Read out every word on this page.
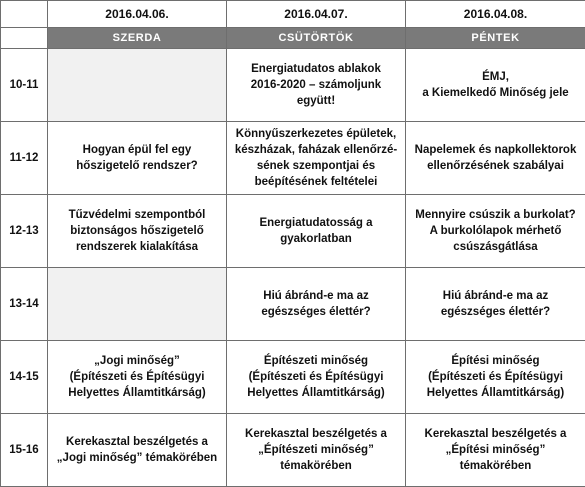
	2016.04.06.	2016.04.07.	2016.04.08.
	SZERDA	CSÜTÖRTÖK	PÉNTEK
10-11		Energiatudatos ablakok
2016-2020 – számoljunk
együtt!	ÉMJ,
a Kiemelkedő Minőség jele
11-12	Hogyan épül fel egy
hőszigetelő rendszer?	Könnyűszerkezetes épületek,
készházak, faházak ellenőrzé-
sének szempontjai és
beépítésének feltételei	Napelemek és napkollektorok
ellenőrzésének szabályai
12-13	Tűzvédelmi szempontból
biztonságos hőszigetelő
rendszerek kialakítása	Energiatudatosság a
gyakorlatban	Mennyire csúszik a burkolat?
A burkolólapok mérhető
csúszásgátlása
13-14		Hiú ábránd-e ma az
egészséges élettér?	Hiú ábránd-e ma az
egészséges élettér?
14-15	„Jogi minőség”
(Építészeti és Építésügyi
Helyettes Államtitkárság)	Építészeti minőség
(Építészeti és Építésügyi
Helyettes Államtitkárság)	Építési minőség
(Építészeti és Építésügyi
Helyettes Államtitkárság)
15-16	Kerekasztal beszélgetés a
„Jogi minőség” témakörében	Kerekasztal beszélgetés a
„Építészeti minőség”
témakörében	Kerekasztal beszélgetés a
„Építési minőség”
témakörében
